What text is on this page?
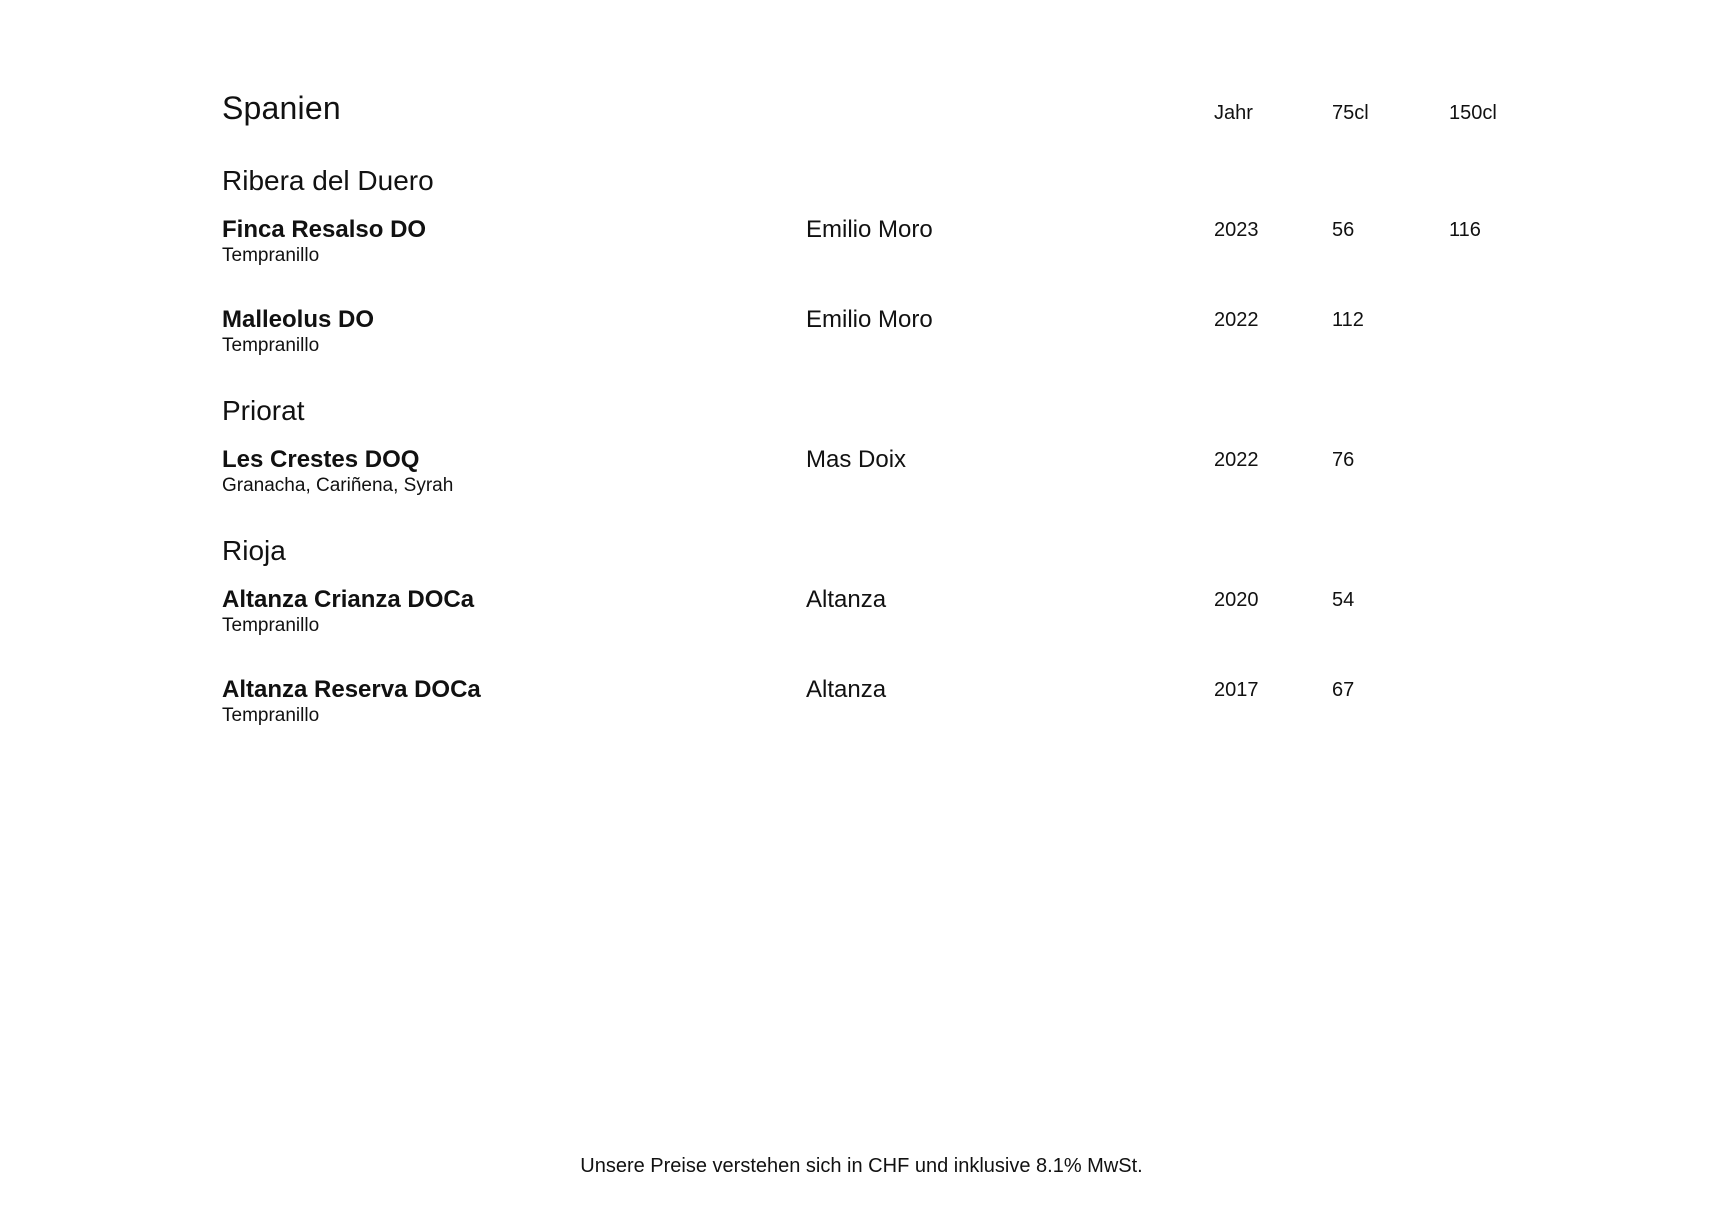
Spanien	Jahr	75cl	150cl
Ribera del Duero
Finca Resalso DO
Tempranillo
Emilio Moro	2023	56	116
Malleolus DO
Tempranillo
Emilio Moro	2022	112
Priorat
Les Crestes DOQ
Granacha, Cariñena, Syrah
Mas Doix	2022	76
Rioja
Altanza Crianza DOCa
Tempranillo
Altanza	2020	54
Altanza Reserva DOCa
Tempranillo
Altanza	2017	67
Unsere Preise verstehen sich in CHF und inklusive 8.1% MwSt.
